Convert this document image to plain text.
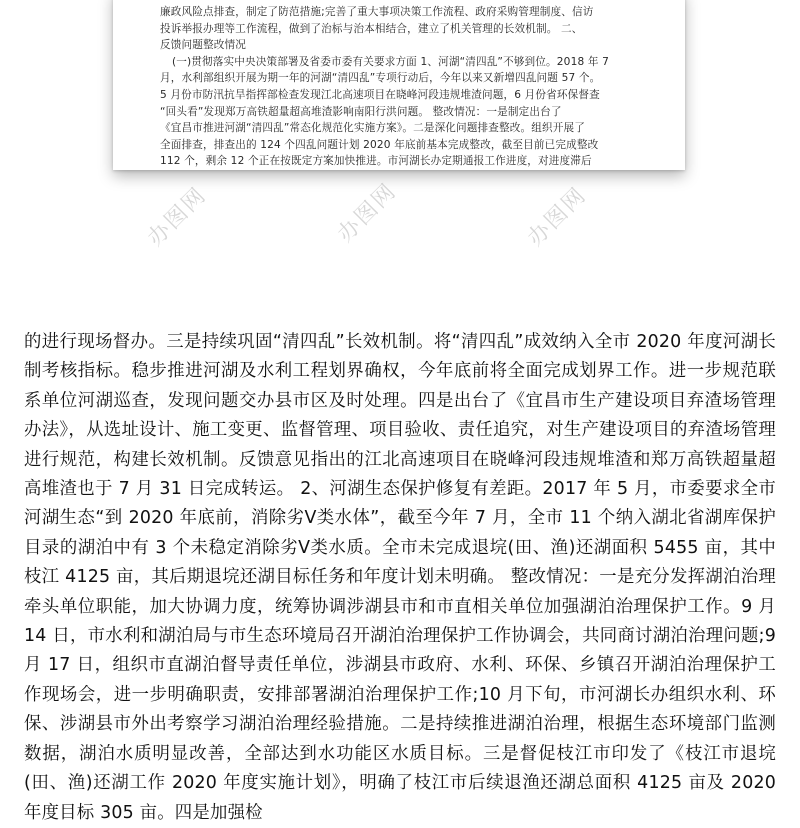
廉政风险点排查，制定了防范措施;完善了重大事项决策工作流程、政府采购管理制度、信访

投诉举报办理等工作流程，做到了治标与治本相结合，建立了机关管理的长效机制。 二、

反馈问题整改情况

(一)贯彻落实中央决策部署及省委市委有关要求方面 1、河湖“清四乱”不够到位。2018 年 7

月，水利部组织开展为期一年的河湖“清四乱”专项行动后，今年以来又新增四乱问题 57 个。

5 月份市防汛抗旱指挥部检查发现江北高速项目在晓峰河段违规堆渣问题，6 月份省环保督查

“回头看”发现郑万高铁超量超高堆渣影响南阳行洪问题。 整改情况：一是制定出台了

《宜昌市推进河湖“清四乱”常态化规范化实施方案》。二是深化问题排查整改。组织开展了

全面排查，排查出的 124 个四乱问题计划 2020 年底前基本完成整改，截至目前已完成整改

112 个，剩余 12 个正在按既定方案加快推进。市河湖长办定期通报工作进度，对进度滞后

办图网	办图网	办图网

的进行现场督办。三是持续巩固“清四乱”长效机制。将“清四乱”成效纳入全市 2020 年度河湖长制考核指标。稳步推进河湖及水利工程划界确权，今年底前将全面完成划界工作。进一步规范联系单位河湖巡查，发现问题交办县市区及时处理。四是出台了《宜昌市生产建设项目弃渣场管理办法》，从选址设计、施工变更、监督管理、项目验收、责任追究，对生产建设项目的弃渣场管理进行规范，构建长效机制。反馈意见指出的江北高速项目在晓峰河段违规堆渣和郑万高铁超量超高堆渣也于 7 月 31 日完成转运。 2、河湖生态保护修复有差距。2017 年 5 月，市委要求全市河湖生态“到 2020 年底前，消除劣Ⅴ类水体”，截至今年 7 月，全市 11 个纳入湖北省湖库保护目录的湖泊中有 3 个未稳定消除劣Ⅴ类水质。全市未完成退垸(田、渔)还湖面积 5455 亩，其中枝江 4125 亩，其后期退垸还湖目标任务和年度计划未明确。 整改情况：一是充分发挥湖泊治理牵头单位职能，加大协调力度，统筹协调涉湖县市和市直相关单位加强湖泊治理保护工作。9 月 14 日，市水利和湖泊局与市生态环境局召开湖泊治理保护工作协调会，共同商讨湖泊治理问题;9 月 17 日，组织市直湖泊督导责任单位，涉湖县市政府、水利、环保、乡镇召开湖泊治理保护工作现场会，进一步明确职责，安排部署湖泊治理保护工作;10 月下旬，市河湖长办组织水利、环保、涉湖县市外出考察学习湖泊治理经验措施。二是持续推进湖泊治理，根据生态环境部门监测数据，湖泊水质明显改善，全部达到水功能区水质目标。三是督促枝江市印发了《枝江市退垸(田、渔)还湖工作 2020 年度实施计划》，明确了枝江市后续退渔还湖总面积 4125 亩及 2020 年度目标 305 亩。四是加强检
